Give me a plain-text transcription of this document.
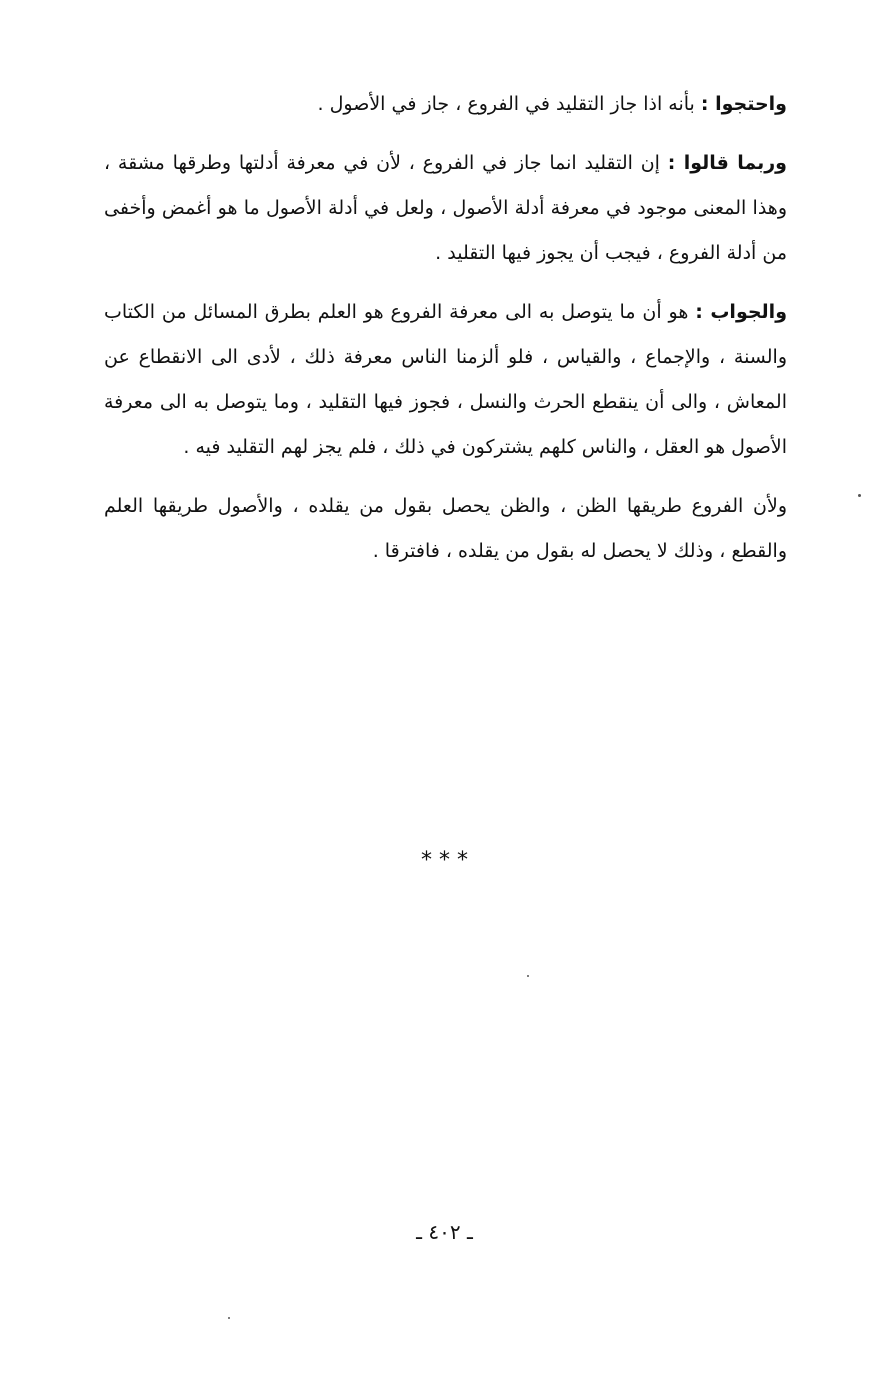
واحتجوا : بأنه اذا جاز التقليد في الفروع ، جاز في الأصول .

وربما قالوا : إن التقليد انما جاز في الفروع ، لأن في معرفة أدلتها وطرقها مشقة ، وهذا المعنى موجود في معرفة أدلة الأصول ، ولعل في أدلة الأصول ما هو أغمض وأخفى من أدلة الفروع ، فيجب أن يجوز فيها التقليد .

والجواب : هو أن ما يتوصل به الى معرفة الفروع هو العلم بطرق المسائل من الكتاب والسنة ، والإجماع ، والقياس ، فلو ألزمنا الناس معرفة ذلك ، لأدى الى الانقطاع عن المعاش ، والى أن ينقطع الحرث والنسل ، فجوز فيها التقليد ، وما يتوصل به الى معرفة الأصول هو العقل ، والناس كلهم يشتركون في ذلك ، فلم يجز لهم التقليد فيه .

ولأن الفروع طريقها الظن ، والظن يحصل بقول من يقلده ، والأصول طريقها العلم والقطع ، وذلك لا يحصل له بقول من يقلده ، فافترقا .

* * *
ـ ٤٠٢ ـ
